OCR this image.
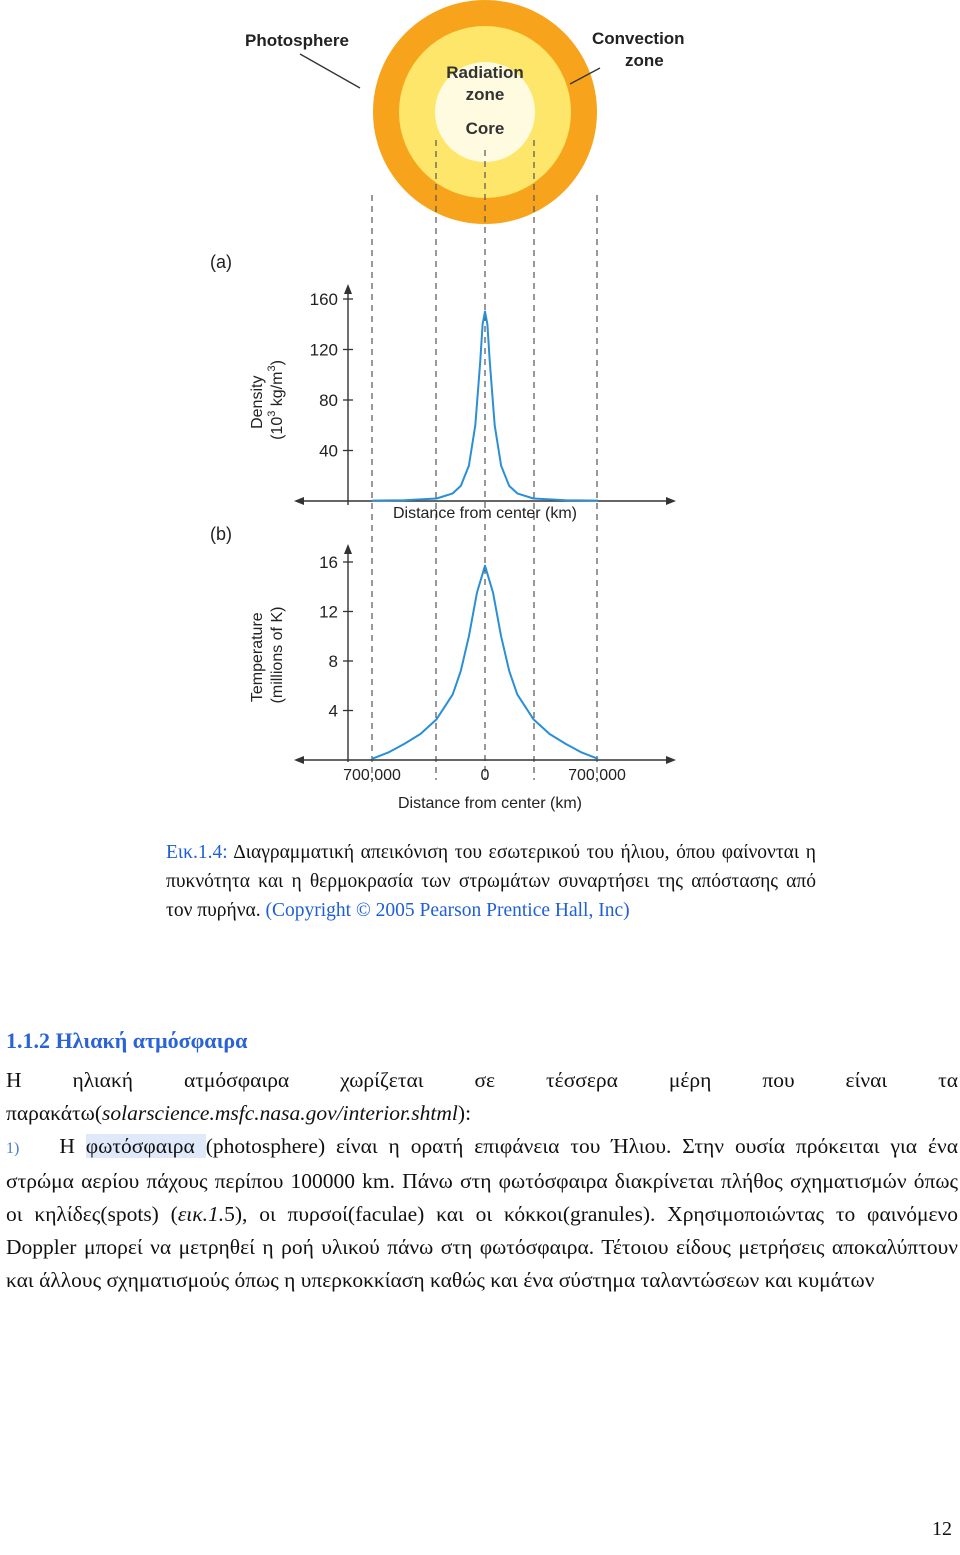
Photosphere	Convection
zone
Radiation
zone
Core
(a)
(b)
160
120
80
40
Distance from center (km)
Density ($10^3$ $kg/m^3$)
16
12
8
4
700,000	0	700,000
Distance from center (km)
Temperature (millions of K)
Εικ.1.4: Διαγραμματική απεικόνιση του εσωτερικού του ήλιου, όπου φαίνονται η πυκνότητα και η θερμοκρασία των στρωμάτων συναρτήσει της απόστασης από τον πυρήνα. (Copyright © 2005 Pearson Prentice Hall, Inc)
1.1.2 Ηλιακή ατμόσφαιρα

Η ηλιακή ατμόσφαιρα χωρίζεται σε τέσσερα μέρη που είναι τα παρακάτω(solarscience.msfc.nasa.gov/interior.shtml):

1) Η φωτόσφαιρα (photosphere) είναι η ορατή επιφάνεια του Ήλιου. Στην ουσία πρόκειται για ένα στρώμα αερίου πάχους περίπου 100000 km. Πάνω στη φωτόσφαιρα διακρίνεται πλήθος σχηματισμών όπως οι κηλίδες(spots) (εικ.1.5), οι πυρσοί(faculae) και οι κόκκοι(granules). Χρησιμοποιώντας το φαινόμενο Doppler μπορεί να μετρηθεί η ροή υλικού πάνω στη φωτόσφαιρα. Τέτοιου είδους μετρήσεις αποκαλύπτουν και άλλους σχηματισμούς όπως η υπερκοκκίαση καθώς και ένα σύστημα ταλαντώσεων και κυμάτων

12
